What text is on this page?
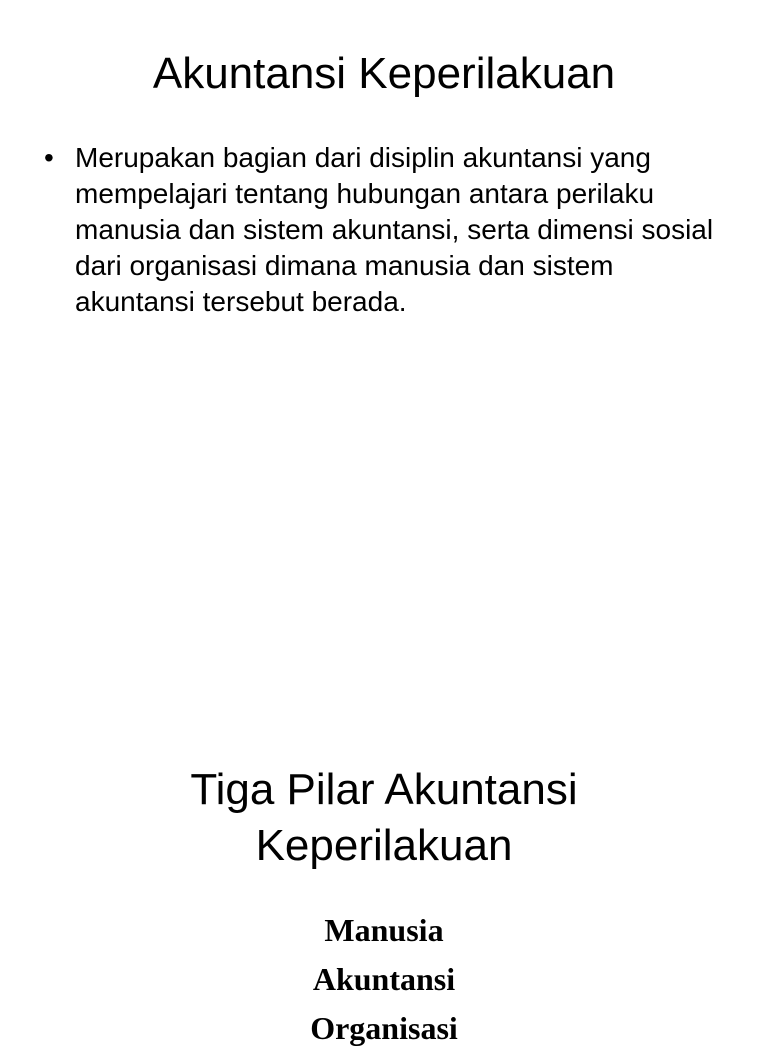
Akuntansi Keperilakuan
• Merupakan bagian dari disiplin akuntansi yang mempelajari tentang hubungan antara perilaku manusia dan sistem akuntansi, serta dimensi sosial dari organisasi dimana manusia dan sistem akuntansi tersebut berada.
Tiga Pilar Akuntansi
Keperilakuan
Manusia
Akuntansi
Organisasi
